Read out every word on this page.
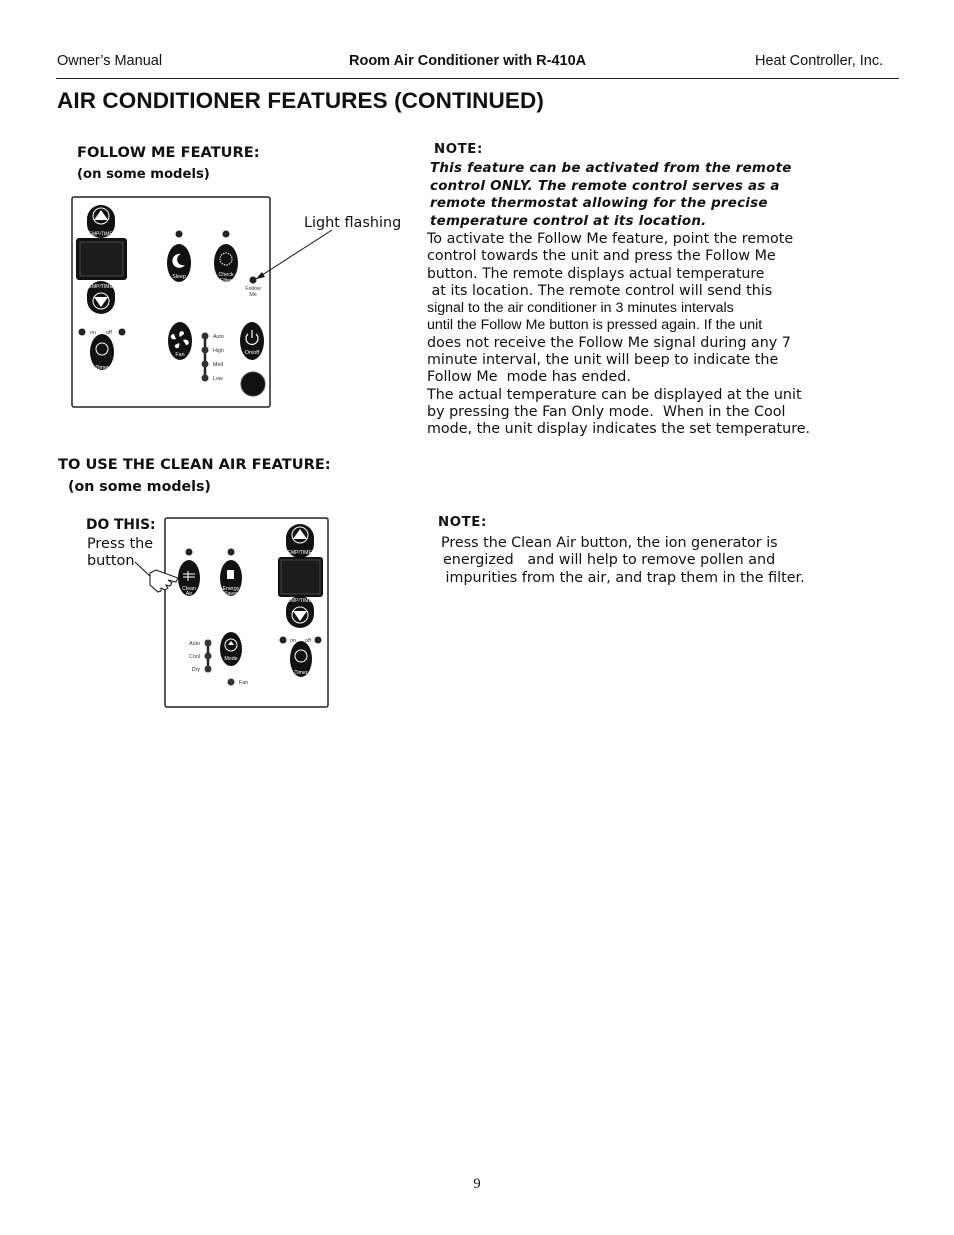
Owner’s Manual	Room Air Conditioner with R-410A	Heat Controller, Inc.
AIR CONDITIONER FEATURES (CONTINUED)
FOLLOW ME FEATURE:
(on some models)
TEMP/TIMER
TEMP/TIMER
on off
Timer
Sleep	Check
Filter
Follow
Me
Fan
Auto
High
Med
Low
On/off
Light flashing
NOTE:
This feature can be activated from the remote
control ONLY. The remote control serves as a
remote thermostat allowing for the precise
temperature control at its location.
To activate the Follow Me feature, point the remote
control towards the unit and press the Follow Me
button. The remote displays actual temperature
at its location. The remote control will send this
signal to the air conditioner in 3 minutes intervals
until the Follow Me button is pressed again. If the unit
does not receive the Follow Me signal during any 7
minute interval, the unit will beep to indicate the
Follow Me  mode has ended.
The actual temperature can be displayed at the unit
by pressing the Fan Only mode.  When in the Cool
mode, the unit display indicates the set temperature.
TO USE THE CLEAN AIR FEATURE:
(on some models)
DO THIS:
Press the
button
Clean
Air
Energy
Saver
TEMP/TIMER
TEMP/TIMER
Auto
Cool
Dry
Mode
Fan
on off
Timer
NOTE:
Press the Clean Air button, the ion generator is
energized   and will help to remove pollen and
impurities from the air, and trap them in the filter.
9
